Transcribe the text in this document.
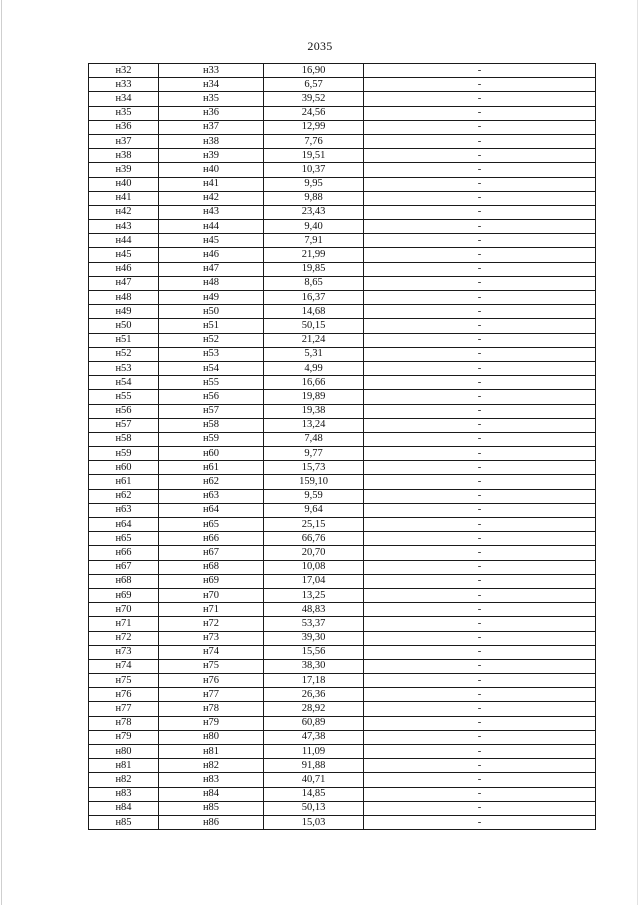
2035
н32	н33	16,90	-
н33	н34	6,57	-
н34	н35	39,52	-
н35	н36	24,56	-
н36	н37	12,99	-
н37	н38	7,76	-
н38	н39	19,51	-
н39	н40	10,37	-
н40	н41	9,95	-
н41	н42	9,88	-
н42	н43	23,43	-
н43	н44	9,40	-
н44	н45	7,91	-
н45	н46	21,99	-
н46	н47	19,85	-
н47	н48	8,65	-
н48	н49	16,37	-
н49	н50	14,68	-
н50	н51	50,15	-
н51	н52	21,24	-
н52	н53	5,31	-
н53	н54	4,99	-
н54	н55	16,66	-
н55	н56	19,89	-
н56	н57	19,38	-
н57	н58	13,24	-
н58	н59	7,48	-
н59	н60	9,77	-
н60	н61	15,73	-
н61	н62	159,10	-
н62	н63	9,59	-
н63	н64	9,64	-
н64	н65	25,15	-
н65	н66	66,76	-
н66	н67	20,70	-
н67	н68	10,08	-
н68	н69	17,04	-
н69	н70	13,25	-
н70	н71	48,83	-
н71	н72	53,37	-
н72	н73	39,30	-
н73	н74	15,56	-
н74	н75	38,30	-
н75	н76	17,18	-
н76	н77	26,36	-
н77	н78	28,92	-
н78	н79	60,89	-
н79	н80	47,38	-
н80	н81	11,09	-
н81	н82	91,88	-
н82	н83	40,71	-
н83	н84	14,85	-
н84	н85	50,13	-
н85	н86	15,03	-
